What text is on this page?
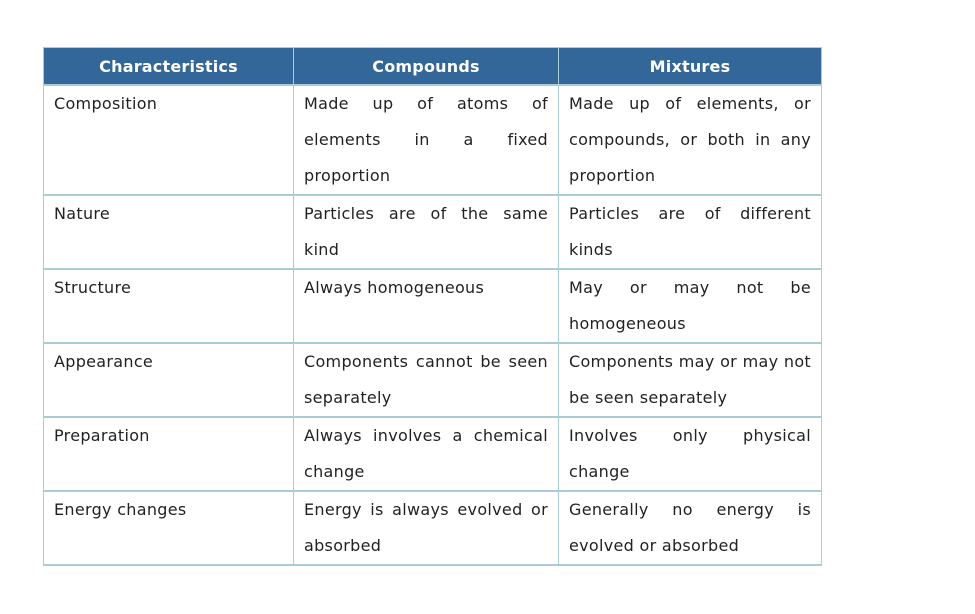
Characteristics	Compounds	Mixtures
Composition	Made up of atoms of elements in a fixed proportion	Made up of elements, or compounds, or both in any proportion
Nature	Particles are of the same kind	Particles are of different kinds
Structure	Always homogeneous	May or may not be homogeneous
Appearance	Components cannot be seen separately	Components may or may not be seen separately
Preparation	Always involves a chemical change	Involves only physical change
Energy changes	Energy is always evolved or absorbed	Generally no energy is evolved or absorbed
